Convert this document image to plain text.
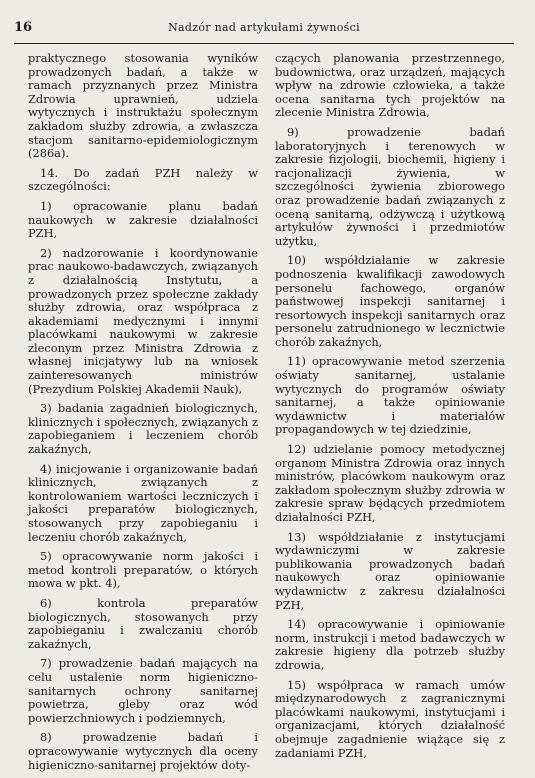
16	Nadzór nad artykułami żywności

praktycznego stosowania wyników prowadzonych badań, a także w ramach przyznanych przez Ministra Zdrowia uprawnień, udziela wytycznych i instruktażu społecznym zakładom służby zdrowia, a zwłaszcza stacjom sanitarno-epidemiologicznym (286a).

14. Do zadań PZH należy w szczególności:

1) opracowanie planu badań naukowych w zakresie działalności PZH,

2) nadzorowanie i koordynowanie prac naukowo-badawczych, związanych z działalnością Instytutu, a prowadzonych przez społeczne zakłady służby zdrowia, oraz współpraca z akademiami medycznymi i innymi placówkami naukowymi w zakresie zleconym przez Ministra Zdrowia z własnej inicjatywy lub na wniosek zainteresowanych ministrów (Prezydium Polskiej Akademii Nauk),

3) badania zagadnień biologicznych, klinicznych i społecznych, związanych z zapobieganiem i leczeniem chorób zakaźnych,

4) inicjowanie i organizowanie badań klinicznych, związanych z kontrolowaniem wartości leczniczych i jakości preparatów biologicznych, stosowanych przy zapobieganiu i leczeniu chorób zakaźnych,

5) opracowywanie norm jakości i metod kontroli preparatów, o których mowa w pkt. 4),

6) kontrola preparatów biologicznych, stosowanych przy zapobieganiu i zwalczaniu chorób zakaźnych,

7) prowadzenie badań mających na celu ustalenie norm higieniczno-sanitarnych ochrony sanitarnej powietrza, gleby oraz wód powierzchniowych i podziemnych,

8) prowadzenie badań i opracowywanie wytycznych dla oceny higieniczno-sanitarnej projektów doty-

czących planowania przestrzennego, budownictwa, oraz urządzeń, mających wpływ na zdrowie człowieka, a także ocena sanitarna tych projektów na zlecenie Ministra Zdrowia,

9) prowadzenie badań laboratoryjnych i terenowych w zakresie fizjologii, biochemii, higieny i racjonalizacji żywienia, w szczególności żywienia zbiorowego oraz prowadzenie badań związanych z oceną sanitarną, odżywczą i użytkową artykułów żywności i przedmiotów użytku,

10) współdziałanie w zakresie podnoszenia kwalifikacji zawodowych personelu fachowego, organów państwowej inspekcji sanitarnej i resortowych inspekcji sanitarnych oraz personelu zatrudnionego w lecznictwie chorób zakaźnych,

11) opracowywanie metod szerzenia oświaty sanitarnej, ustalanie wytycznych do programów oświaty sanitarnej, a także opiniowanie wydawnictw i materiałów propagandowych w tej dziedzinie,

12) udzielanie pomocy metodycznej organom Ministra Zdrowia oraz innych ministrów, placówkom naukowym oraz zakładom społecznym służby zdrowia w zakresie spraw będących przedmiotem działalności PZH,

13) współdziałanie z instytucjami wydawniczymi w zakresie publikowania prowadzonych badań naukowych oraz opiniowanie wydawnictw z zakresu działalności PZH,

14) opracowywanie i opiniowanie norm, instrukcji i metod badawczych w zakresie higieny dla potrzeb służby zdrowia,

15) współpraca w ramach umów międzynarodowych z zagranicznymi placówkami naukowymi, instytucjami i organizacjami, których działalność obejmuje zagadnienie wiążące się z zadaniami PZH,
